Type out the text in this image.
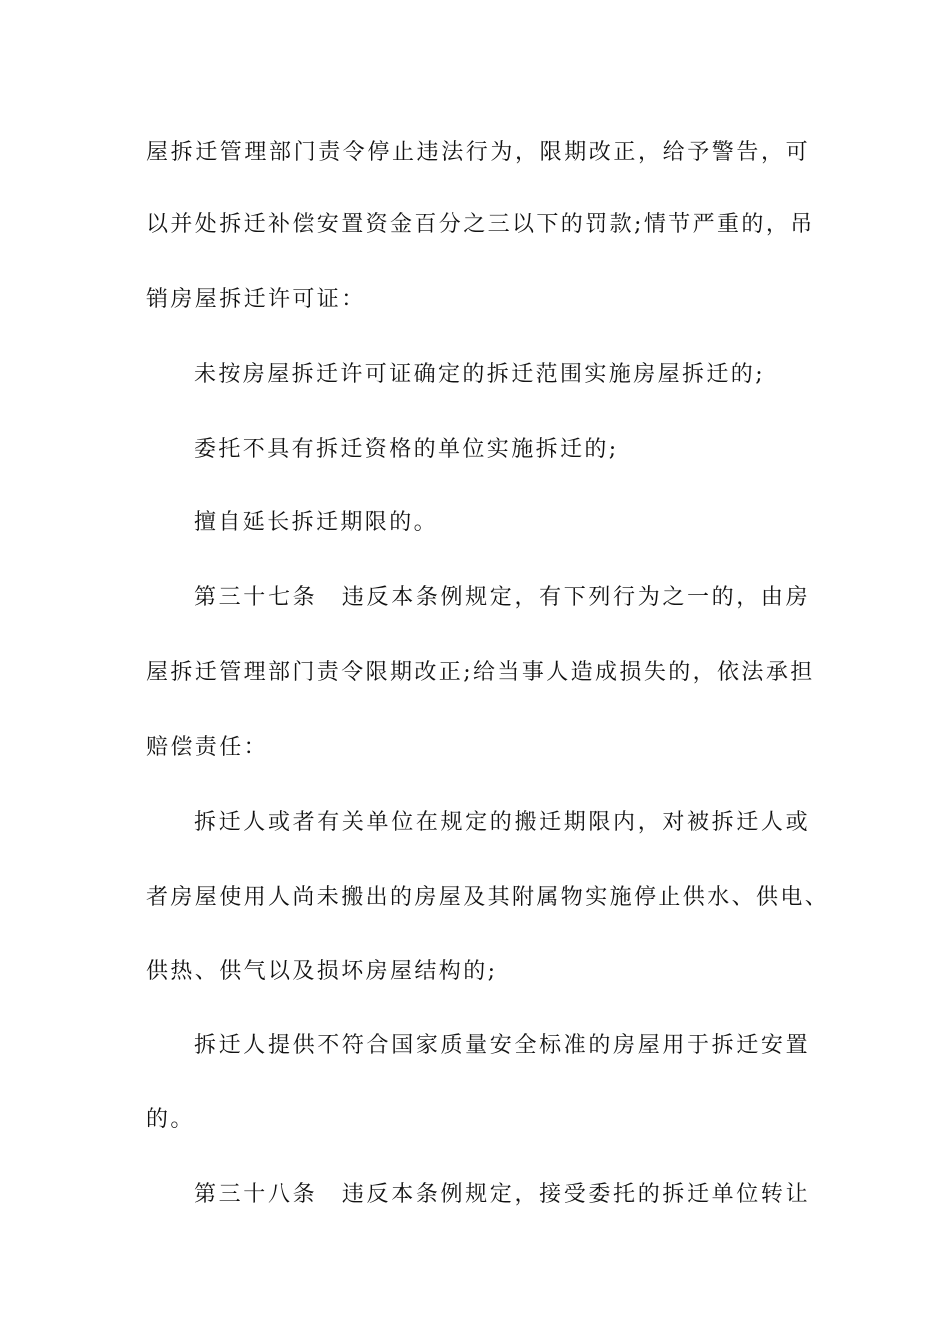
屋拆迁管理部门责令停止违法行为，限期改正，给予警告，可
以并处拆迁补偿安置资金百分之三以下的罚款;情节严重的，吊
销房屋拆迁许可证：
未按房屋拆迁许可证确定的拆迁范围实施房屋拆迁的;
委托不具有拆迁资格的单位实施拆迁的;
擅自延长拆迁期限的。
第三十七条　违反本条例规定，有下列行为之一的，由房
屋拆迁管理部门责令限期改正;给当事人造成损失的，依法承担
赔偿责任：
拆迁人或者有关单位在规定的搬迁期限内，对被拆迁人或
者房屋使用人尚未搬出的房屋及其附属物实施停止供水、供电、
供热、供气以及损坏房屋结构的;
拆迁人提供不符合国家质量安全标准的房屋用于拆迁安置
的。
第三十八条　违反本条例规定，接受委托的拆迁单位转让
